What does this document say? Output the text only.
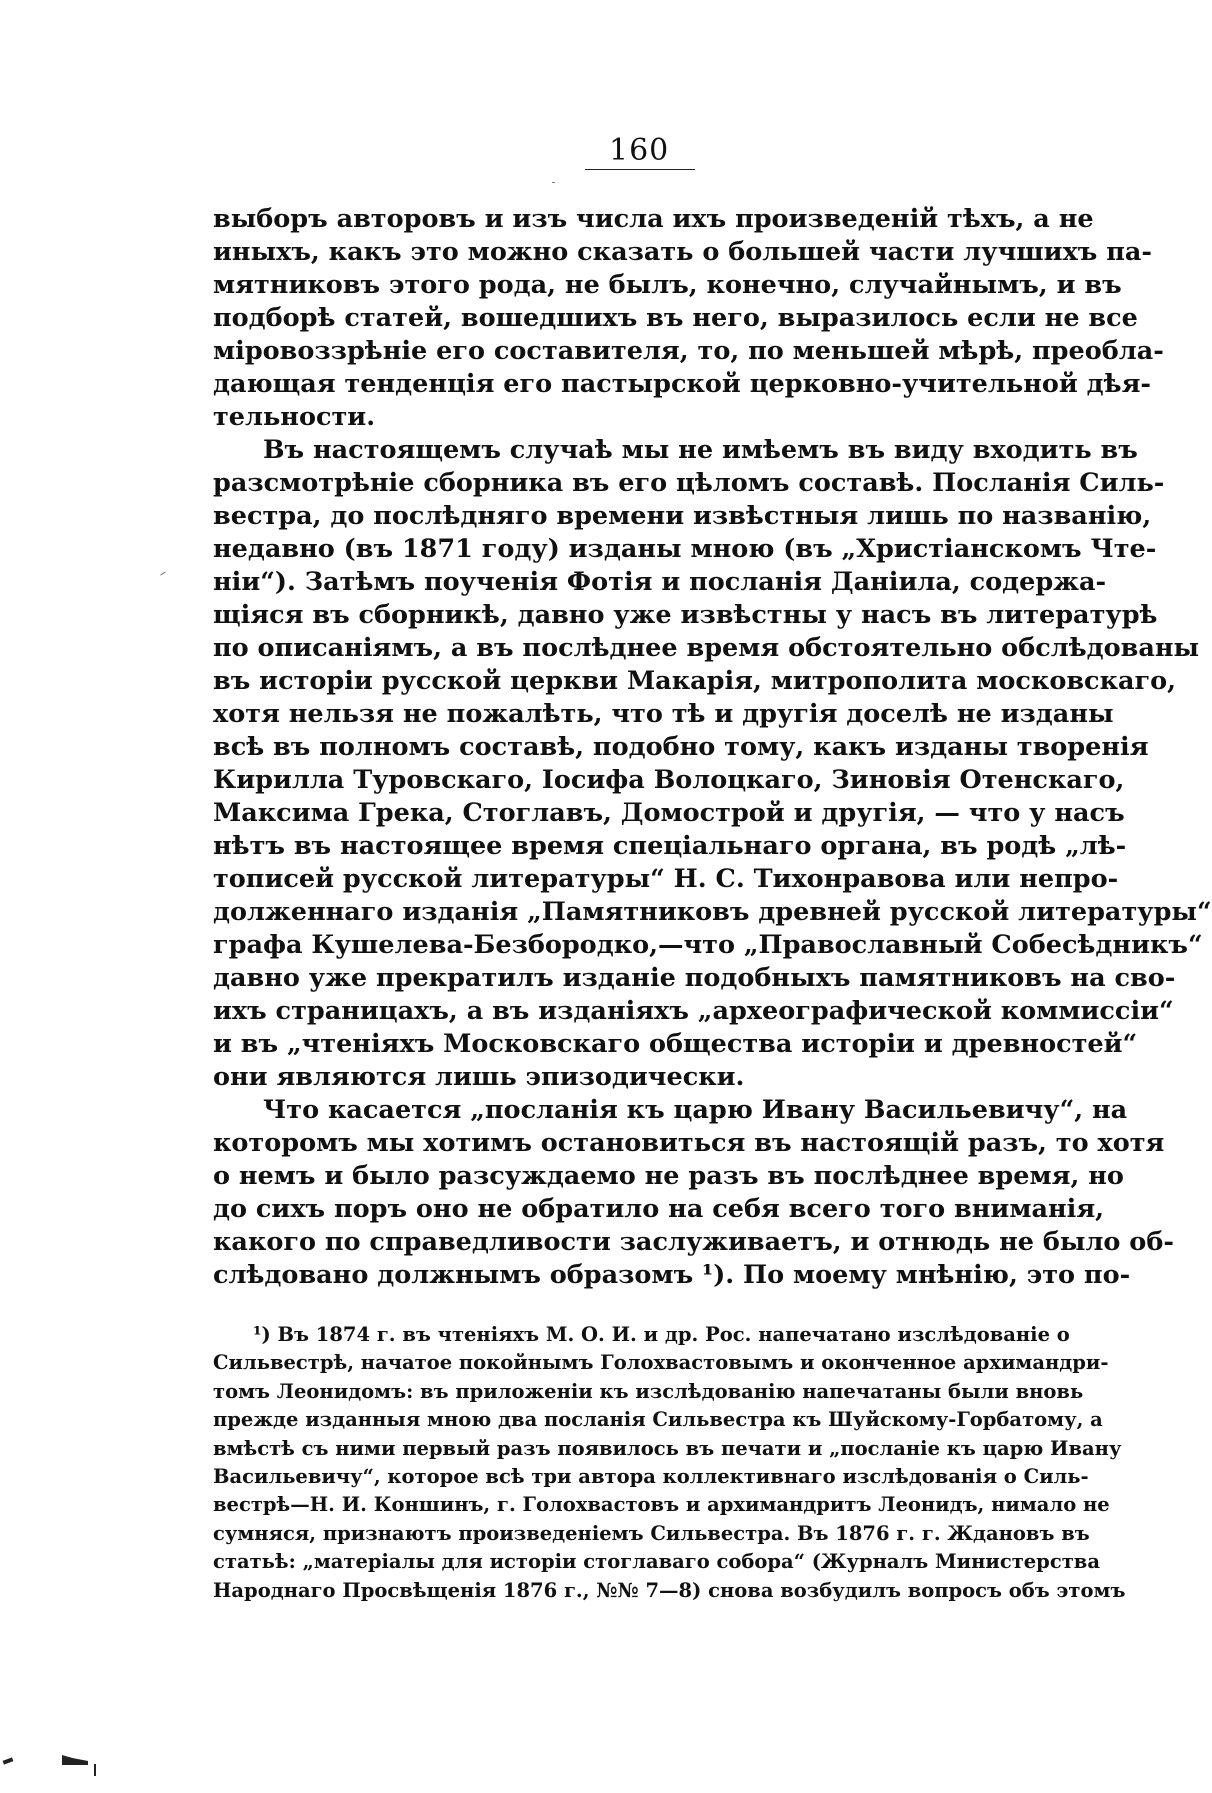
160
выборъ авторовъ и изъ числа ихъ произведеній тѣхъ, а не
иныхъ, какъ это можно сказать о большей части лучшихъ па-
мятниковъ этого рода, не былъ, конечно, случайнымъ, и въ
подборѣ статей, вошедшихъ въ него, выразилось если не все
міровоззрѣніе его составителя, то, по меньшей мѣрѣ, преобла-
дающая тенденція его пастырской церковно-учительной дѣя-
тельности.
Въ настоящемъ случаѣ мы не имѣемъ въ виду входить въ
разсмотрѣніе сборника въ его цѣломъ составѣ. Посланія Силь-
вестра, до послѣдняго времени извѣстныя лишь по названію,
недавно (въ 1871 году) изданы мною (въ „Христіанскомъ Чте-
ніи“). Затѣмъ поученія Фотія и посланія Даніила, содержа-
щіяся въ сборникѣ, давно уже извѣстны у насъ въ литературѣ
по описаніямъ, а въ послѣднее время обстоятельно обслѣдованы
въ исторіи русской церкви Макарія, митрополита московскаго,
хотя нельзя не пожалѣть, что тѣ и другія доселѣ не изданы
всѣ въ полномъ составѣ, подобно тому, какъ изданы творенія
Кирилла Туровскаго, Іосифа Волоцкаго, Зиновія Отенскаго,
Максима Грека, Стоглавъ, Домострой и другія, — что у насъ
нѣтъ въ настоящее время спеціальнаго органа, въ родѣ „лѣ-
тописей русской литературы“ Н. С. Тихонравова или непро-
долженнаго изданія „Памятниковъ древней русской литературы“
графа Кушелева-Безбородко,—что „Православный Собесѣдникъ“
давно уже прекратилъ изданіе подобныхъ памятниковъ на сво-
ихъ страницахъ, а въ изданіяхъ „археографической коммиссіи“
и въ „чтеніяхъ Московскаго общества исторіи и древностей“
они являются лишь эпизодически.
Что касается „посланія къ царю Ивану Васильевичу“, на
которомъ мы хотимъ остановиться въ настоящій разъ, то хотя
о немъ и было разсуждаемо не разъ въ послѣднее время, но
до сихъ поръ оно не обратило на себя всего того вниманія,
какого по справедливости заслуживаетъ, и отнюдь не было об-
слѣдовано должнымъ образомъ ¹). По моему мнѣнію, это по-
¹) Въ 1874 г. въ чтеніяхъ М. О. И. и др. Рос. напечатано изслѣдованіе о
Сильвестрѣ, начатое покойнымъ Голохвастовымъ и оконченное архимандри-
томъ Леонидомъ: въ приложеніи къ изслѣдованію напечатаны были вновь
прежде изданныя мною два посланія Сильвестра къ Шуйскому-Горбатому, а
вмѣстѣ съ ними первый разъ появилось въ печати и „посланіе къ царю Ивану
Васильевичу“, которое всѣ три автора коллективнаго изслѣдованія о Силь-
вестрѣ—Н. И. Коншинъ, г. Голохвастовъ и архимандритъ Леонидъ, нимало не
сумняся, признаютъ произведеніемъ Сильвестра. Въ 1876 г. г. Ждановъ въ
статьѣ: „матеріалы для исторіи стоглаваго собора“ (Журналъ Министерства
Народнаго Просвѣщенія 1876 г., №№ 7—8) снова возбудилъ вопросъ объ этомъ
